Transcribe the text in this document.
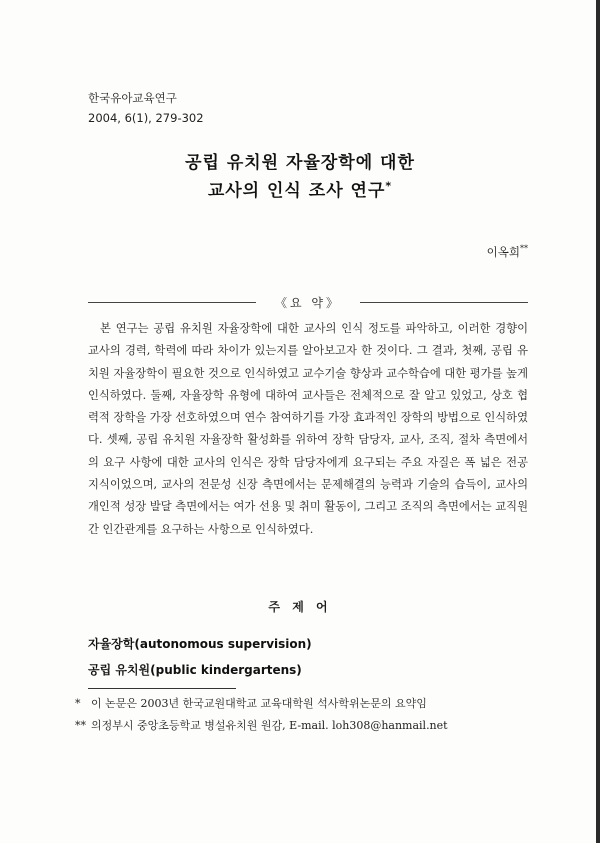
한국유아교육연구
2004, 6(1), 279-302
공립 유치원 자율장학에 대한
교사의 인식 조사 연구*
이옥희**
《요 약》

본 연구는 공립 유치원 자율장학에 대한 교사의 인식 정도를 파악하고, 이러한 경향이 교사의 경력, 학력에 따라 차이가 있는지를 알아보고자 한 것이다. 그 결과, 첫째, 공립 유치원 자율장학이 필요한 것으로 인식하였고 교수기술 향상과 교수학습에 대한 평가를 높게 인식하였다. 둘째, 자율장학 유형에 대하여 교사들은 전체적으로 잘 알고 있었고, 상호 협력적 장학을 가장 선호하였으며 연수 참여하기를 가장 효과적인 장학의 방법으로 인식하였다. 셋째, 공립 유치원 자율장학 활성화를 위하여 장학 담당자, 교사, 조직, 절차 측면에서의 요구 사항에 대한 교사의 인식은 장학 담당자에게 요구되는 주요 자질은 폭 넓은 전공 지식이었으며, 교사의 전문성 신장 측면에서는 문제해결의 능력과 기술의 습득이, 교사의 개인적 성장 발달 측면에서는 여가 선용 및 취미 활동이, 그리고 조직의 측면에서는 교직원간 인간관계를 요구하는 사항으로 인식하였다.

주 제 어
자율장학(autonomous supervision)
공립 유치원(public kindergartens)
* 이 논문은 2003년 한국교원대학교 교육대학원 석사학위논문의 요약임
** 의정부시 중앙초등학교 병설유치원 원감, E-mail. loh308@hanmail.net
